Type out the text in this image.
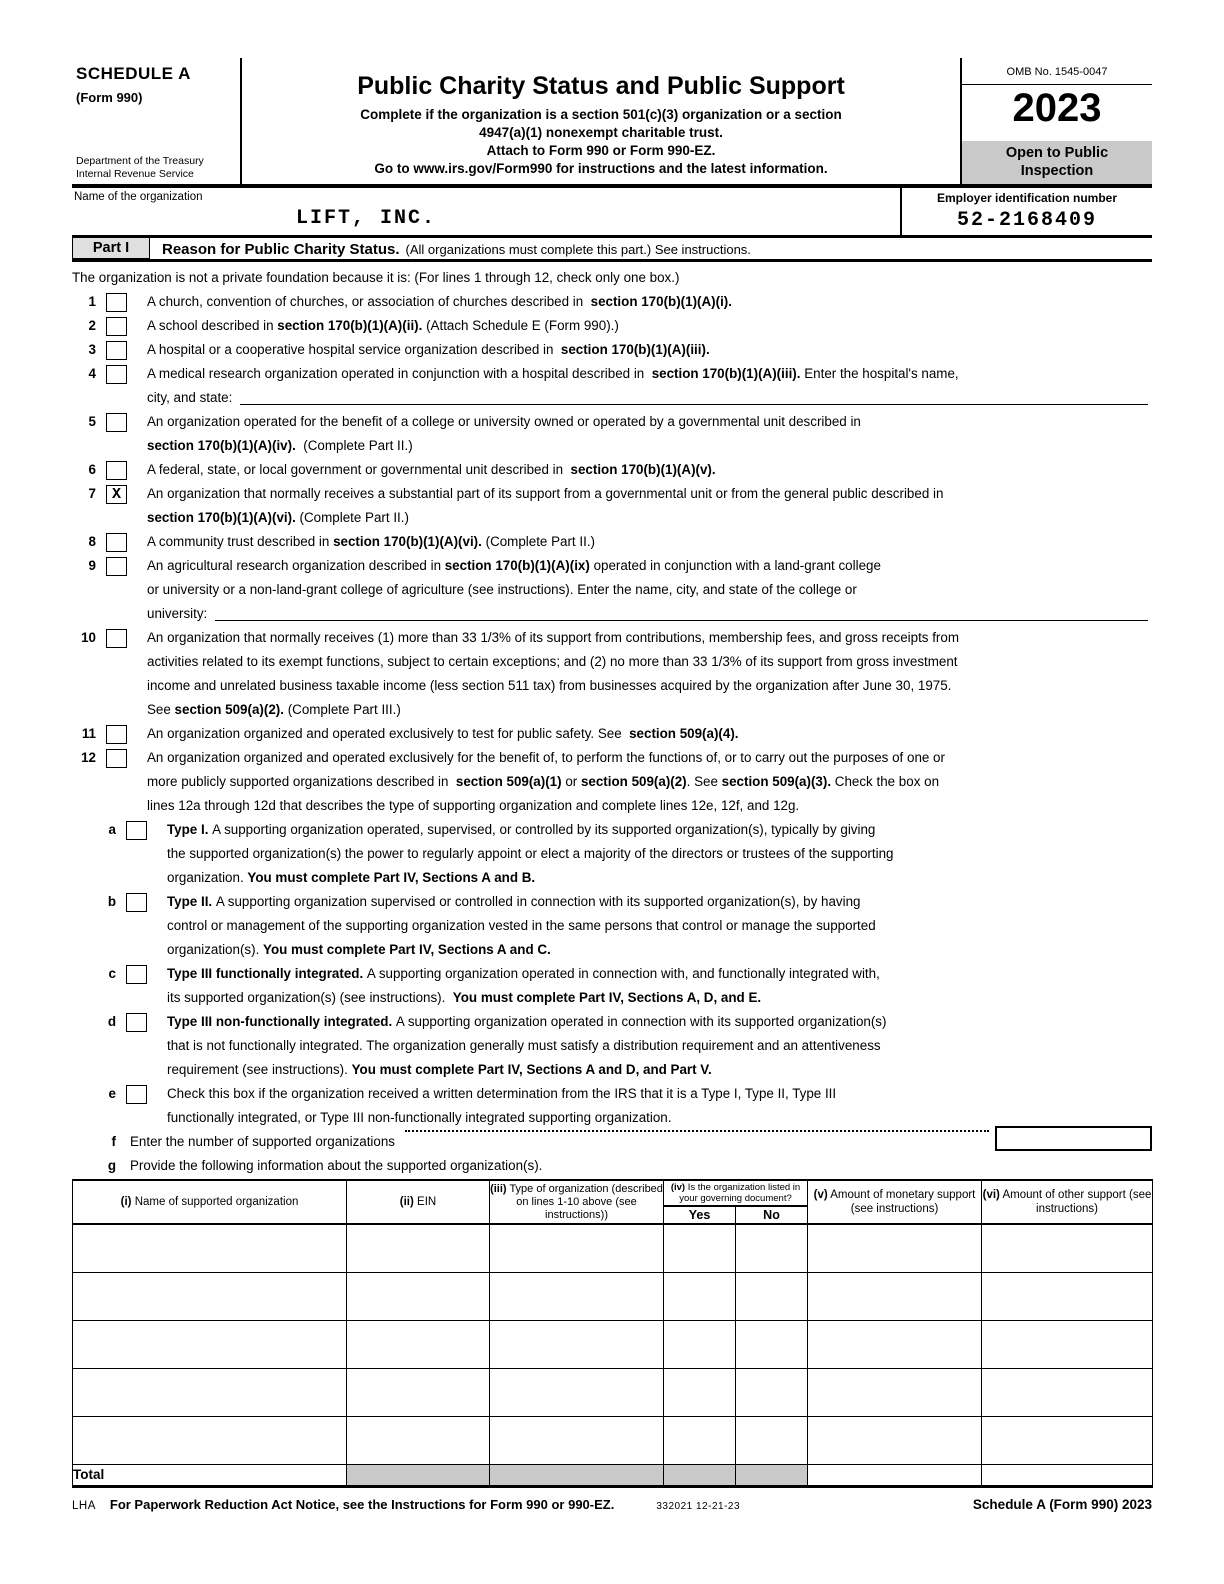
SCHEDULE A
(Form 990)
Department of the Treasury
Internal Revenue Service
Public Charity Status and Public Support
Complete if the organization is a section 501(c)(3) organization or a section
4947(a)(1) nonexempt charitable trust.
Attach to Form 990 or Form 990-EZ.
Go to www.irs.gov/Form990 for instructions and the latest information.
OMB No. 1545-0047
2023
Open to Public
Inspection
Name of the organization
LIFT, INC.
Employer identification number
52-2168409
Part I	Reason for Public Charity Status. (All organizations must complete this part.) See instructions.
The organization is not a private foundation because it is: (For lines 1 through 12, check only one box.)
1	A church, convention of churches, or association of churches described in section 170(b)(1)(A)(i).
2	A school described in section 170(b)(1)(A)(ii). (Attach Schedule E (Form 990).)
3	A hospital or a cooperative hospital service organization described in section 170(b)(1)(A)(iii).
4	A medical research organization operated in conjunction with a hospital described in section 170(b)(1)(A)(iii). Enter the hospital's name,
city, and state:
5	An organization operated for the benefit of a college or university owned or operated by a governmental unit described in
section 170(b)(1)(A)(iv). (Complete Part II.)
6	A federal, state, or local government or governmental unit described in section 170(b)(1)(A)(v).
7	X	An organization that normally receives a substantial part of its support from a governmental unit or from the general public described in
section 170(b)(1)(A)(vi). (Complete Part II.)
8	A community trust described in section 170(b)(1)(A)(vi). (Complete Part II.)
9	An agricultural research organization described in section 170(b)(1)(A)(ix) operated in conjunction with a land-grant college
or university or a non-land-grant college of agriculture (see instructions). Enter the name, city, and state of the college or
university:
10	An organization that normally receives (1) more than 33 1/3% of its support from contributions, membership fees, and gross receipts from
activities related to its exempt functions, subject to certain exceptions; and (2) no more than 33 1/3% of its support from gross investment
income and unrelated business taxable income (less section 511 tax) from businesses acquired by the organization after June 30, 1975.
See section 509(a)(2). (Complete Part III.)
11	An organization organized and operated exclusively to test for public safety. See section 509(a)(4).
12	An organization organized and operated exclusively for the benefit of, to perform the functions of, or to carry out the purposes of one or
more publicly supported organizations described in section 509(a)(1) or section 509(a)(2) . See section 509(a)(3). Check the box on
lines 12a through 12d that describes the type of supporting organization and complete lines 12e, 12f, and 12g.
a	Type I. A supporting organization operated, supervised, or controlled by its supported organization(s), typically by giving
the supported organization(s) the power to regularly appoint or elect a majority of the directors or trustees of the supporting
organization. You must complete Part IV, Sections A and B.
b	Type II. A supporting organization supervised or controlled in connection with its supported organization(s), by having
control or management of the supporting organization vested in the same persons that control or manage the supported
organization(s). You must complete Part IV, Sections A and C.
c	Type III functionally integrated. A supporting organization operated in connection with, and functionally integrated with,
its supported organization(s) (see instructions). You must complete Part IV, Sections A, D, and E.
d	Type III non-functionally integrated. A supporting organization operated in connection with its supported organization(s)
that is not functionally integrated. The organization generally must satisfy a distribution requirement and an attentiveness
requirement (see instructions). You must complete Part IV, Sections A and D, and Part V.
e	Check this box if the organization received a written determination from the IRS that it is a Type I, Type II, Type III
functionally integrated, or Type III non-functionally integrated supporting organization.
f Enter the number of supported organizations
g Provide the following information about the supported organization(s).
(i) Name of supported organization	(ii) EIN	(iii) Type of organization (described on lines 1-10 above (see instructions))	(iv) Is the organization listed in your governing document?		(v) Amount of monetary support (see instructions)	(vi) Amount of other support (see instructions)
			Yes	No		

Total						
LHA For Paperwork Reduction Act Notice, see the Instructions for Form 990 or 990-EZ.	332021 12-21-23	Schedule A (Form 990) 2023
